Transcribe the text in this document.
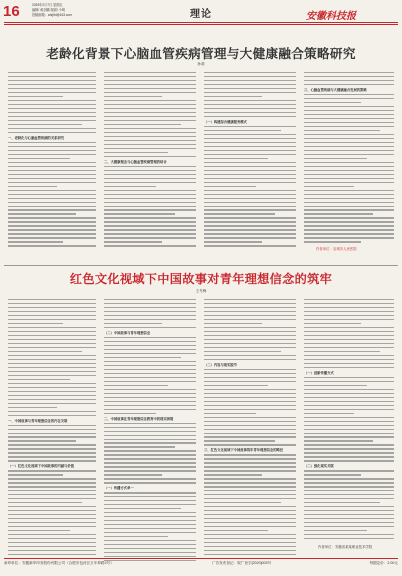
16	2025年2月7日 星期五
编辑/ 黄剑鹏 版面/ 小明
投稿邮箱：ahrjlbl@163.com	理论	安徽科技报
老龄化背景下心脑血管疾病管理与大健康融合策略研究
孙莉
一、老龄化与心脑血管疾病的关系研究
二、大健康理念与心脑血管疾病管理的结合
（一）构建综合健康服务模式
三、心脑血管疾病与大健康融合发展的策略
作者单位：宣城市人民医院
红色文化视域下中国故事对青年理想信念的筑牢
王冬梅
一、中国故事与青年理想信念的内在关联
（一）红色文化视域下中国故事的内涵与价值
（二）中国故事与青年理想信念
二、中国故事在青年理想信念教育中的现实困境
（一）传播方式单一
（二）内容与现实脱节
三、红色文化视域下中国故事筑牢青年理想信念的路径
（一）创新传播方式
（二）强化现实关联
作者单位：安徽省某某职业技术学院
承印单位：安徽新华印务股份有限公司（合肥市包河区万年埠路2号）	广告发布登记：皖广登字[2020]003号	每期定价：2.00元
